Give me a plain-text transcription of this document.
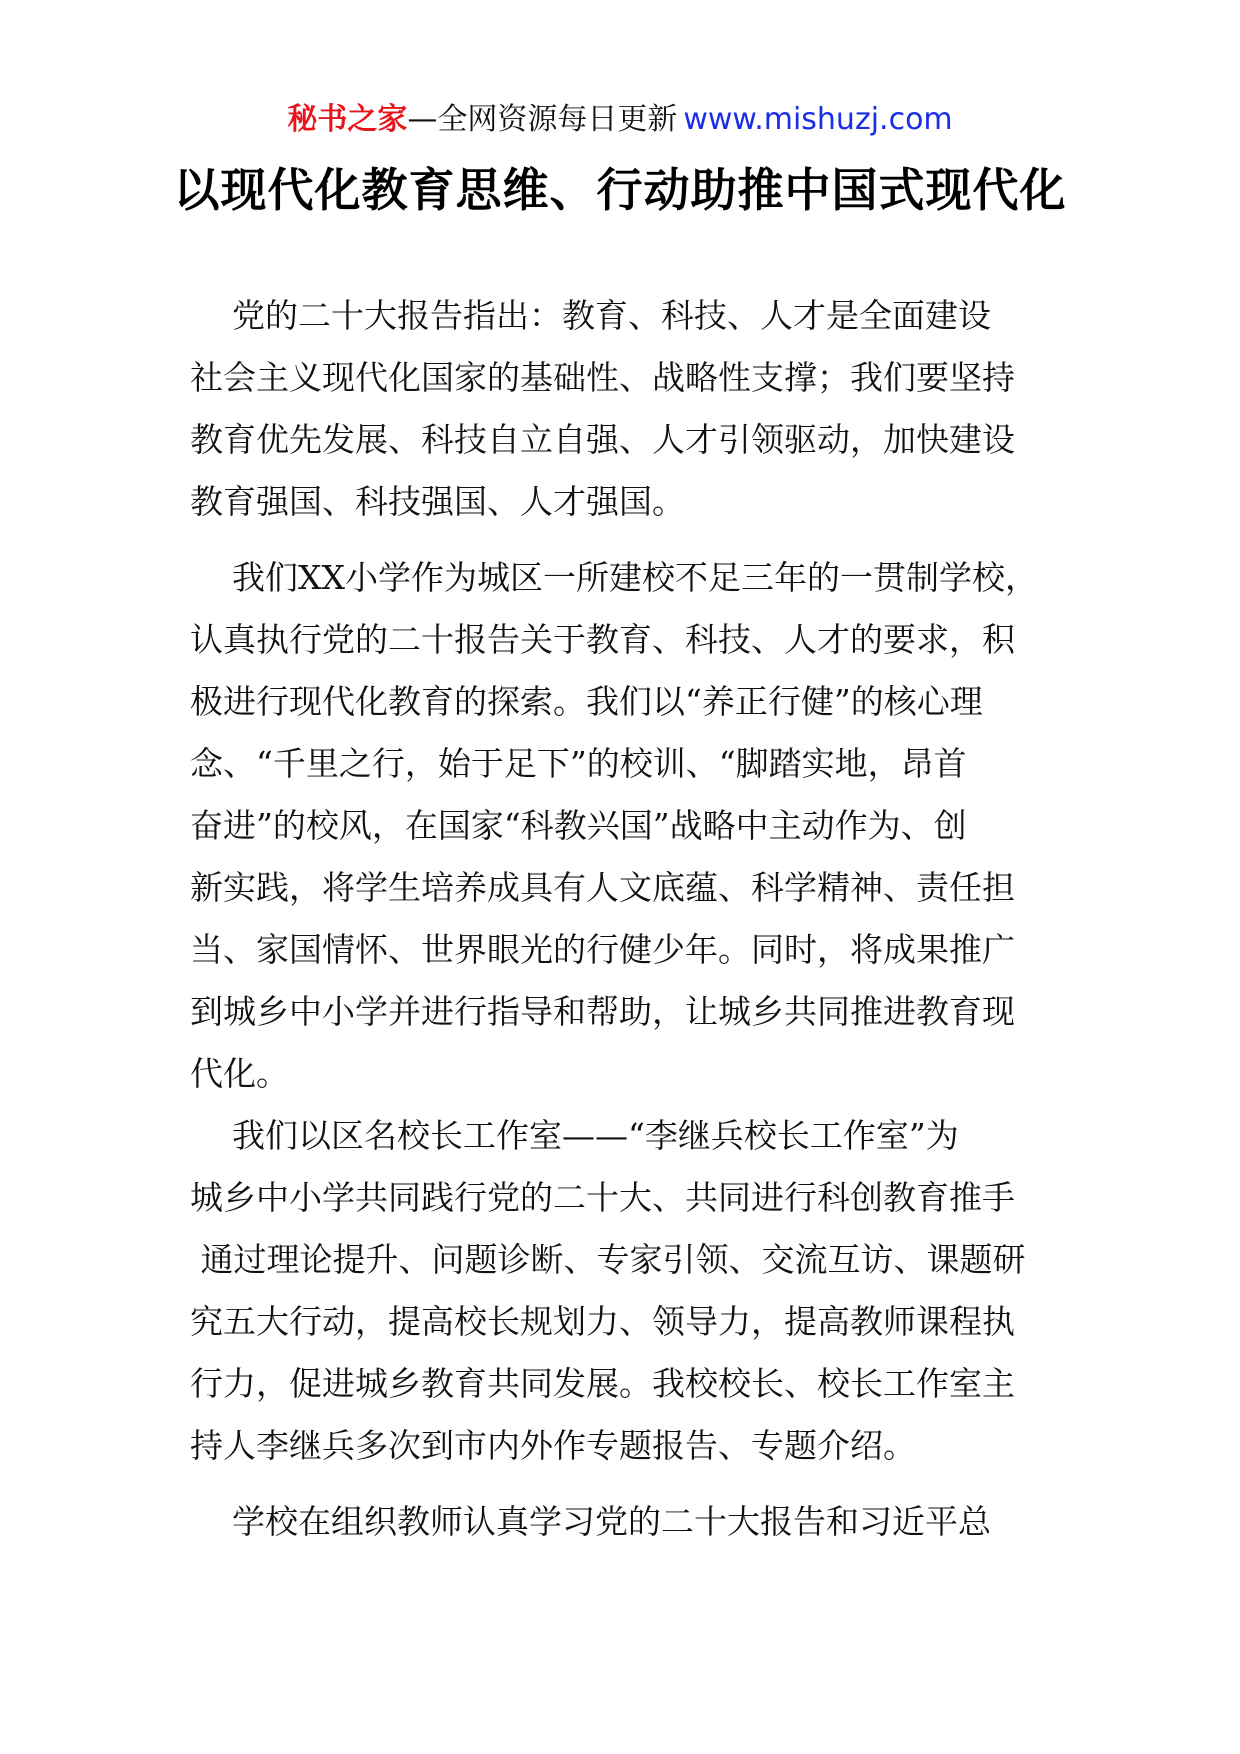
秘书之家—全网资源每日更新 www.mishuzj.com
以现代化教育思维、行动助推中国式现代化
党的二十大报告指出：教育、科技、人才是全面建设
社会主义现代化国家的基础性、战略性支撑；我们要坚持
教育优先发展、科技自立自强、人才引领驱动，加快建设
教育强国、科技强国、人才强国。
我们XX小学作为城区一所建校不足三年的一贯制学校，
认真执行党的二十报告关于教育、科技、人才的要求，积
极进行现代化教育的探索。我们以“养正行健”的核心理
念、“千里之行，始于足下”的校训、“脚踏实地，昂首
奋进”的校风，在国家“科教兴国”战略中主动作为、创
新实践，将学生培养成具有人文底蕴、科学精神、责任担
当、家国情怀、世界眼光的行健少年。同时，将成果推广
到城乡中小学并进行指导和帮助，让城乡共同推进教育现
代化。
我们以区名校长工作室——“李继兵校长工作室”为
城乡中小学共同践行党的二十大、共同进行科创教育推手
通过理论提升、问题诊断、专家引领、交流互访、课题研
究五大行动，提高校长规划力、领导力，提高教师课程执
行力，促进城乡教育共同发展。我校校长、校长工作室主
持人李继兵多次到市内外作专题报告、专题介绍。
学校在组织教师认真学习党的二十大报告和习近平总
